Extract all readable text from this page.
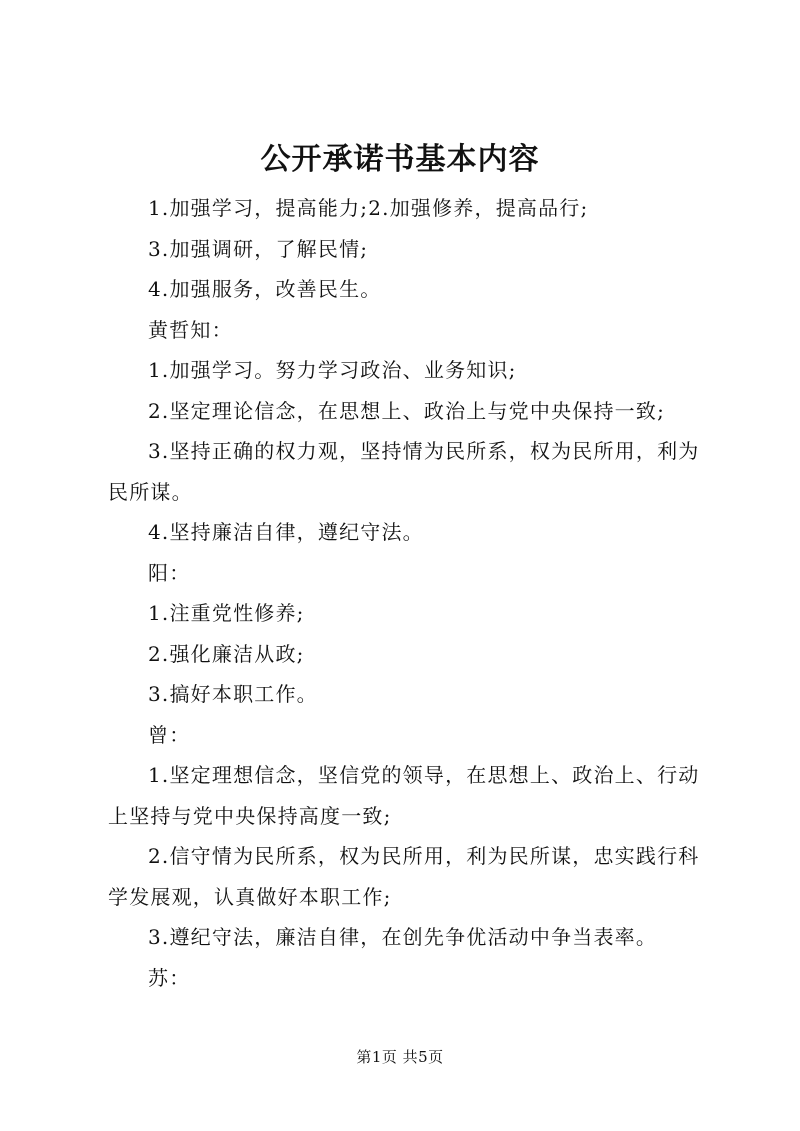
公开承诺书基本内容

1.加强学习，提高能力;2.加强修养，提高品行;

3.加强调研，了解民情;

4.加强服务，改善民生。

黄哲知：

1.加强学习。努力学习政治、业务知识;

2.坚定理论信念，在思想上、政治上与党中央保持一致;

3.坚持正确的权力观，坚持情为民所系，权为民所用，利为民所谋。

4.坚持廉洁自律，遵纪守法。

阳：

1.注重党性修养;

2.强化廉洁从政;

3.搞好本职工作。

曾：

1.坚定理想信念，坚信党的领导，在思想上、政治上、行动上坚持与党中央保持高度一致;

2.信守情为民所系，权为民所用，利为民所谋，忠实践行科学发展观，认真做好本职工作;

3.遵纪守法，廉洁自律，在创先争优活动中争当表率。

苏：

第1页 共5页
